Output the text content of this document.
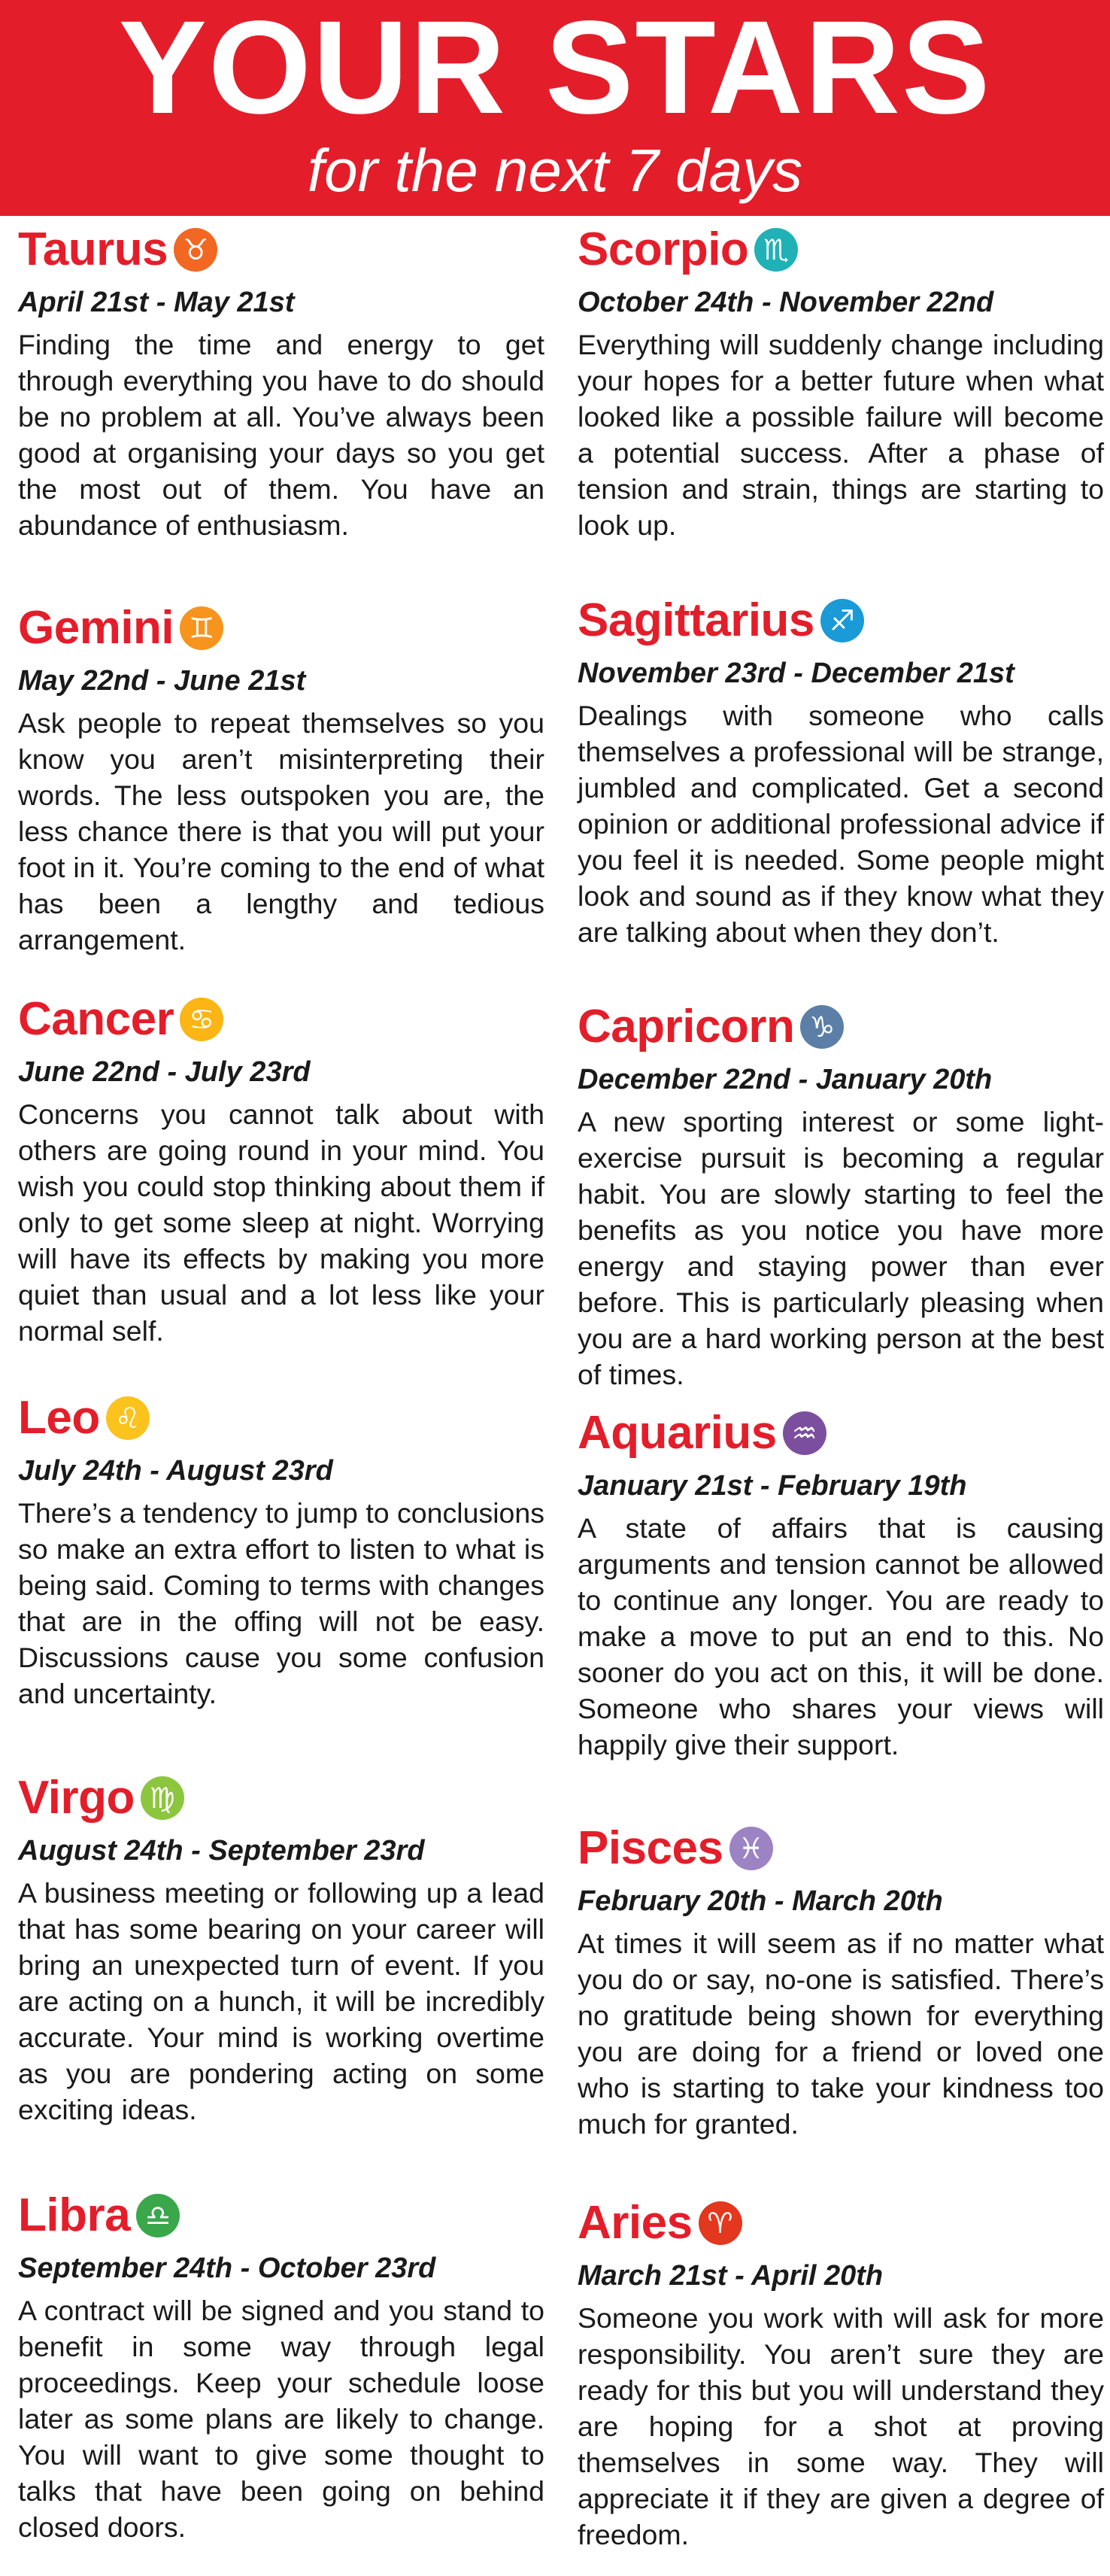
YOUR STARS
for the next 7 days
Taurus ♉
April 21st - May 21st
Finding the time and energy to get through everything you have to do should be no problem at all. You’ve always been good at organising your days so you get the most out of them. You have an abundance of enthusiasm.
Gemini ♊
May 22nd - June 21st
Ask people to repeat themselves so you know you aren’t misinterpreting their words. The less outspoken you are, the less chance there is that you will put your foot in it. You’re coming to the end of what has been a lengthy and tedious arrangement.
Cancer ♋
June 22nd - July 23rd
Concerns you cannot talk about with others are going round in your mind. You wish you could stop thinking about them if only to get some sleep at night. Worrying will have its effects by making you more quiet than usual and a lot less like your normal self.
Leo ♌
July 24th - August 23rd
There’s a tendency to jump to conclusions so make an extra effort to listen to what is being said. Coming to terms with changes that are in the offing will not be easy. Discussions cause you some confusion and uncertainty.
Virgo ♍
August 24th - September 23rd
A business meeting or following up a lead that has some bearing on your career will bring an unexpected turn of event. If you are acting on a hunch, it will be incredibly accurate. Your mind is working overtime as you are pondering acting on some exciting ideas.
Libra ♎
September 24th - October 23rd
A contract will be signed and you stand to benefit in some way through legal proceedings. Keep your schedule loose later as some plans are likely to change. You will want to give some thought to talks that have been going on behind closed doors.
Scorpio ♏
October 24th - November 22nd
Everything will suddenly change including your hopes for a better future when what looked like a possible failure will become a potential success. After a phase of tension and strain, things are starting to look up.
Sagittarius ♐
November 23rd - December 21st
Dealings with someone who calls themselves a professional will be strange, jumbled and complicated. Get a second opinion or additional professional advice if you feel it is needed. Some people might look and sound as if they know what they are talking about when they don’t.
Capricorn ♑
December 22nd - January 20th
A new sporting interest or some light-exercise pursuit is becoming a regular habit. You are slowly starting to feel the benefits as you notice you have more energy and staying power than ever before. This is particularly pleasing when you are a hard working person at the best of times.
Aquarius ♒
January 21st - February 19th
A state of affairs that is causing arguments and tension cannot be allowed to continue any longer. You are ready to make a move to put an end to this. No sooner do you act on this, it will be done. Someone who shares your views will happily give their support.
Pisces ♓
February 20th - March 20th
At times it will seem as if no matter what you do or say, no-one is satisfied. There’s no gratitude being shown for everything you are doing for a friend or loved one who is starting to take your kindness too much for granted.
Aries ♈
March 21st - April 20th
Someone you work with will ask for more responsibility. You aren’t sure they are ready for this but you will understand they are hoping for a shot at proving themselves in some way. They will appreciate it if they are given a degree of freedom.
